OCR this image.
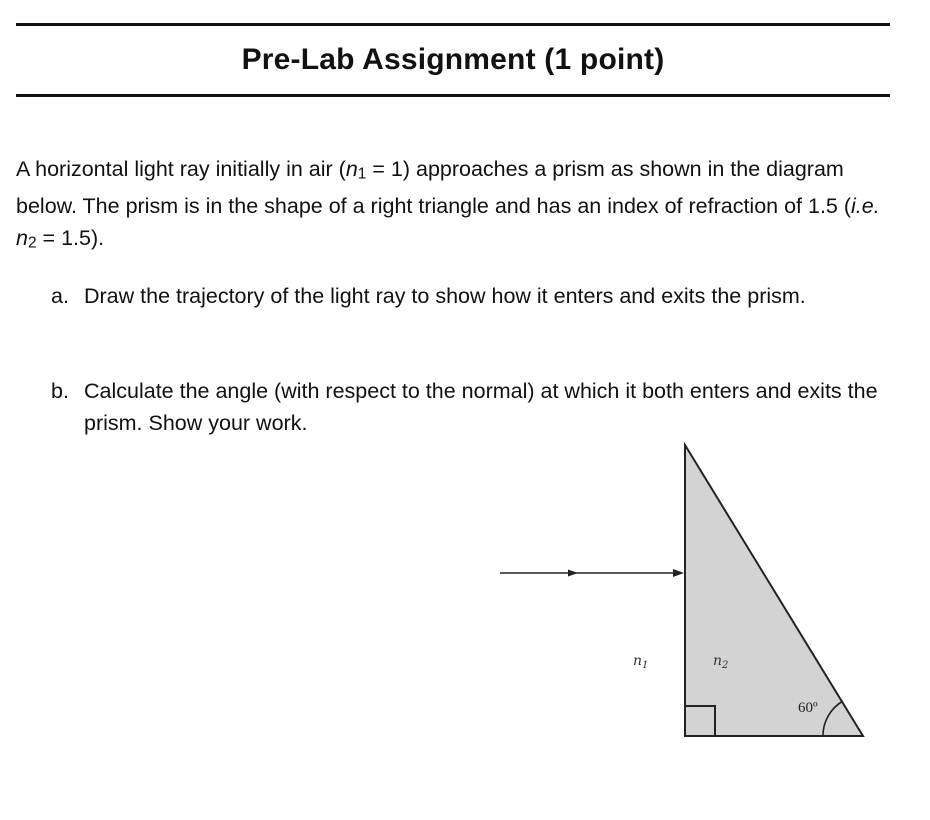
Pre-Lab Assignment (1 point)
A horizontal light ray initially in air (n1 = 1) approaches a prism as shown in the diagram below. The prism is in the shape of a right triangle and has an index of refraction of 1.5 (i.e. n2 = 1.5).
a. Draw the trajectory of the light ray to show how it enters and exits the prism.
b. Calculate the angle (with respect to the normal) at which it both enters and exits the prism. Show your work.
$n_1$	$n_2$
60º
